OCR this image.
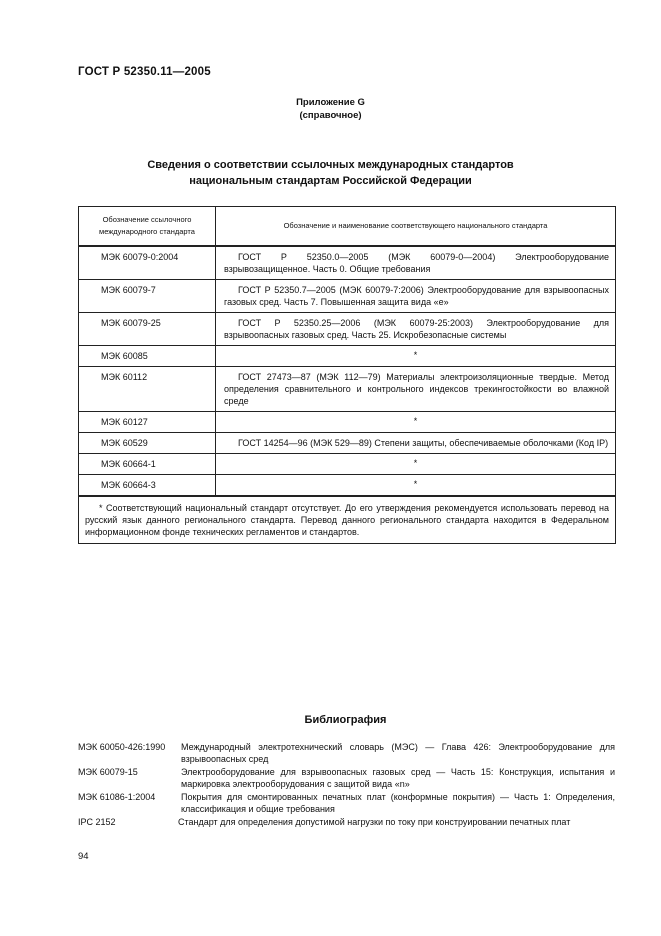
ГОСТ Р 52350.11—2005
Приложение G
(справочное)
Сведения о соответствии ссылочных международных стандартов
национальным стандартам Российской Федерации
Обозначение ссылочного
международного стандарта	Обозначение и наименование соответствующего национального стандарта
МЭК 60079-0:2004	ГОСТ Р 52350.0—2005 (МЭК 60079-0—2004) Электрооборудование взрывозащищенное. Часть 0. Общие требования
МЭК 60079-7	ГОСТ Р 52350.7—2005 (МЭК 60079-7:2006) Электрооборудование для взрывоопасных газовых сред. Часть 7. Повышенная защита вида «е»
МЭК 60079-25	ГОСТ Р 52350.25—2006 (МЭК 60079-25:2003) Электрооборудование для взрывоопасных газовых сред. Часть 25. Искробезопасные системы
МЭК 60085	*
МЭК 60112	ГОСТ 27473—87 (МЭК 112—79) Материалы электроизоляционные твердые. Метод определения сравнительного и контрольного индексов трекингостойкости во влажной среде
МЭК 60127	*
МЭК 60529	ГОСТ 14254—96 (МЭК 529—89) Степени защиты, обеспечиваемые оболочками (Код IP)
МЭК 60664-1	*
МЭК 60664-3	*
* Соответствующий национальный стандарт отсутствует. До его утверждения рекомендуется использовать перевод на русский язык данного регионального стандарта. Перевод данного регионального стандарта находится в Федеральном информационном фонде технических регламентов и стандартов.	
Библиография
МЭК 60050-426:1990	Международный электротехнический словарь (МЭС) — Глава 426: Электрооборудование для взрывоопасных сред
МЭК 60079-15	Электрооборудование для взрывоопасных газовых сред — Часть 15: Конструкция, испытания и маркировка электрооборудования с защитой вида «n»
МЭК 61086-1:2004	Покрытия для смонтированных печатных плат (конформные покрытия) — Часть 1: Определения, классификация и общие требования
IPC 2152	Стандарт для определения допустимой нагрузки по току при конструировании печатных плат
94
